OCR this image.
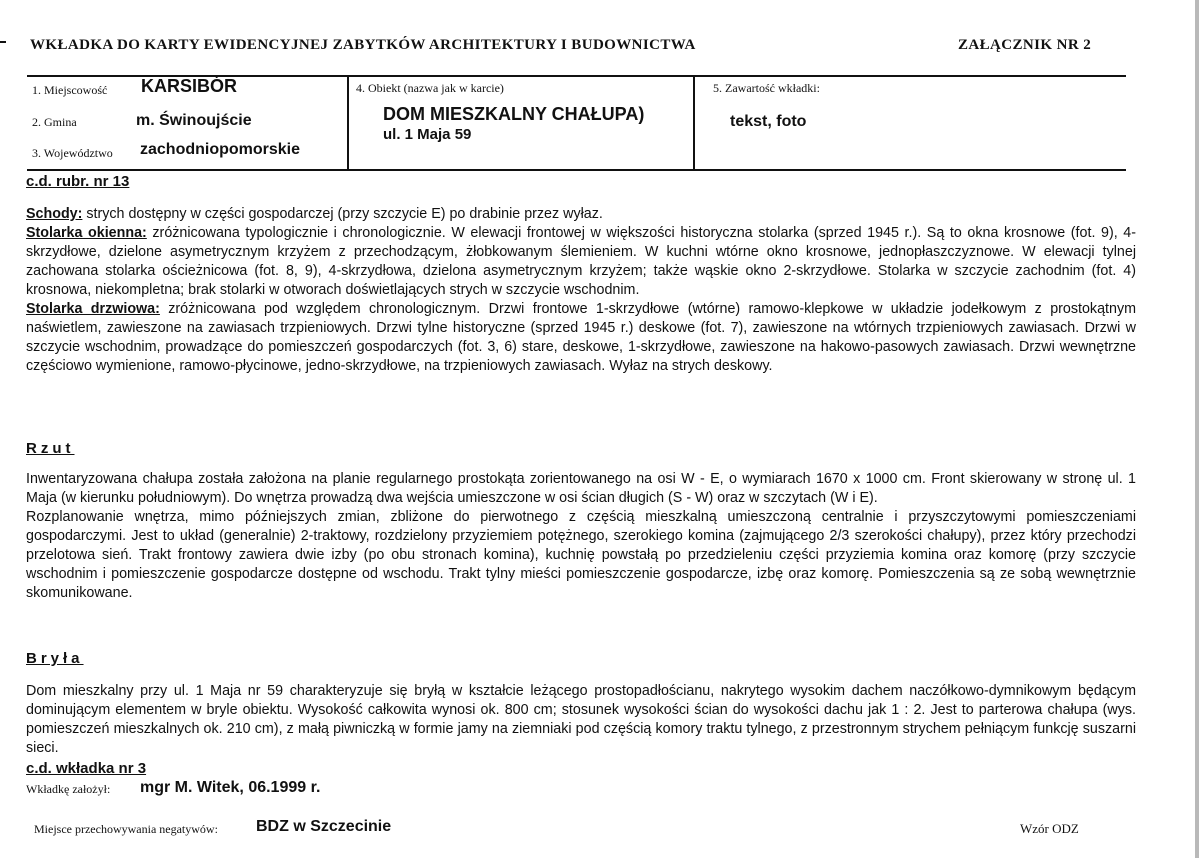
WKŁADKA DO KARTY EWIDENCYJNEJ ZABYTKÓW ARCHITEKTURY I BUDOWNICTWA	ZAŁĄCZNIK NR 2
1. Miejscowość KARSIBÓR
2. Gmina	m. Świnoujście
3. Województwo zachodniopomorskie
4. Obiekt (nazwa jak w karcie)
DOM MIESZKALNY CHAŁUPA)
ul. 1 Maja 59
5. Zawartość wkładki:
tekst, foto
c.d. rubr. nr 13

Schody: strych dostępny w części gospodarczej (przy szczycie E) po drabinie przez wyłaz.

Stolarka okienna: zróżnicowana typologicznie i chronologicznie. W elewacji frontowej w większości historyczna stolarka (sprzed 1945 r.). Są to okna krosnowe (fot. 9), 4-skrzydłowe, dzielone asymetrycznym krzyżem z przechodzącym, żłobkowanym ślemieniem. W kuchni wtórne okno krosnowe, jednopłaszczyznowe. W elewacji tylnej zachowana stolarka ościeżnicowa (fot. 8, 9), 4-skrzydłowa, dzielona asymetrycznym krzyżem; także wąskie okno 2-skrzydłowe. Stolarka w szczycie zachodnim (fot. 4) krosnowa, niekompletna; brak stolarki w otworach doświetlających strych w szczycie wschodnim.

Stolarka drzwiowa: zróżnicowana pod względem chronologicznym. Drzwi frontowe 1-skrzydłowe (wtórne) ramowo-klepkowe w układzie jodełkowym z prostokątnym naświetlem, zawieszone na zawiasach trzpieniowych. Drzwi tylne historyczne (sprzed 1945 r.) deskowe (fot. 7), zawieszone na wtórnych trzpieniowych zawiasach. Drzwi w szczycie wschodnim, prowadzące do pomieszczeń gospodarczych (fot. 3, 6) stare, deskowe, 1-skrzydłowe, zawieszone na hakowo-pasowych zawiasach. Drzwi wewnętrzne częściowo wymienione, ramowo-płycinowe, jedno-skrzydłowe, na trzpieniowych zawiasach. Wyłaz na strych deskowy.

Rzut

Inwentaryzowana chałupa została założona na planie regularnego prostokąta zorientowanego na osi W - E, o wymiarach 1670 x 1000 cm. Front skierowany w stronę ul. 1 Maja (w kierunku południowym). Do wnętrza prowadzą dwa wejścia umieszczone w osi ścian długich (S - W) oraz w szczytach (W i E).

Rozplanowanie wnętrza, mimo późniejszych zmian, zbliżone do pierwotnego z częścią mieszkalną umieszczoną centralnie i przyszczytowymi pomieszczeniami gospodarczymi. Jest to układ (generalnie) 2-traktowy, rozdzielony przyziemiem potężnego, szerokiego komina (zajmującego 2/3 szerokości chałupy), przez który przechodzi przelotowa sień. Trakt frontowy zawiera dwie izby (po obu stronach komina), kuchnię powstałą po przedzieleniu części przyziemia komina oraz komorę (przy szczycie wschodnim i pomieszczenie gospodarcze dostępne od wschodu. Trakt tylny mieści pomieszczenie gospodarcze, izbę oraz komorę. Pomieszczenia są ze sobą wewnętrznie skomunikowane.

Bryła

Dom mieszkalny przy ul. 1 Maja nr 59 charakteryzuje się bryłą w kształcie leżącego prostopadłościanu, nakrytego wysokim dachem naczółkowo-dymnikowym będącym dominującym elementem w bryle obiektu. Wysokość całkowita wynosi ok. 800 cm; stosunek wysokości ścian do wysokości dachu jak 1 : 2. Jest to parterowa chałupa (wys. pomieszczeń mieszkalnych ok. 210 cm), z małą piwniczką w formie jamy na ziemniaki pod częścią komory traktu tylnego, z przestronnym strychem pełniącym funkcję suszarni sieci.

c.d. wkładka nr 3
Wkładkę założył: mgr M. Witek, 06.1999 r.
Miejsce przechowywania negatywów: BDZ w Szczecinie	Wzór ODZ
